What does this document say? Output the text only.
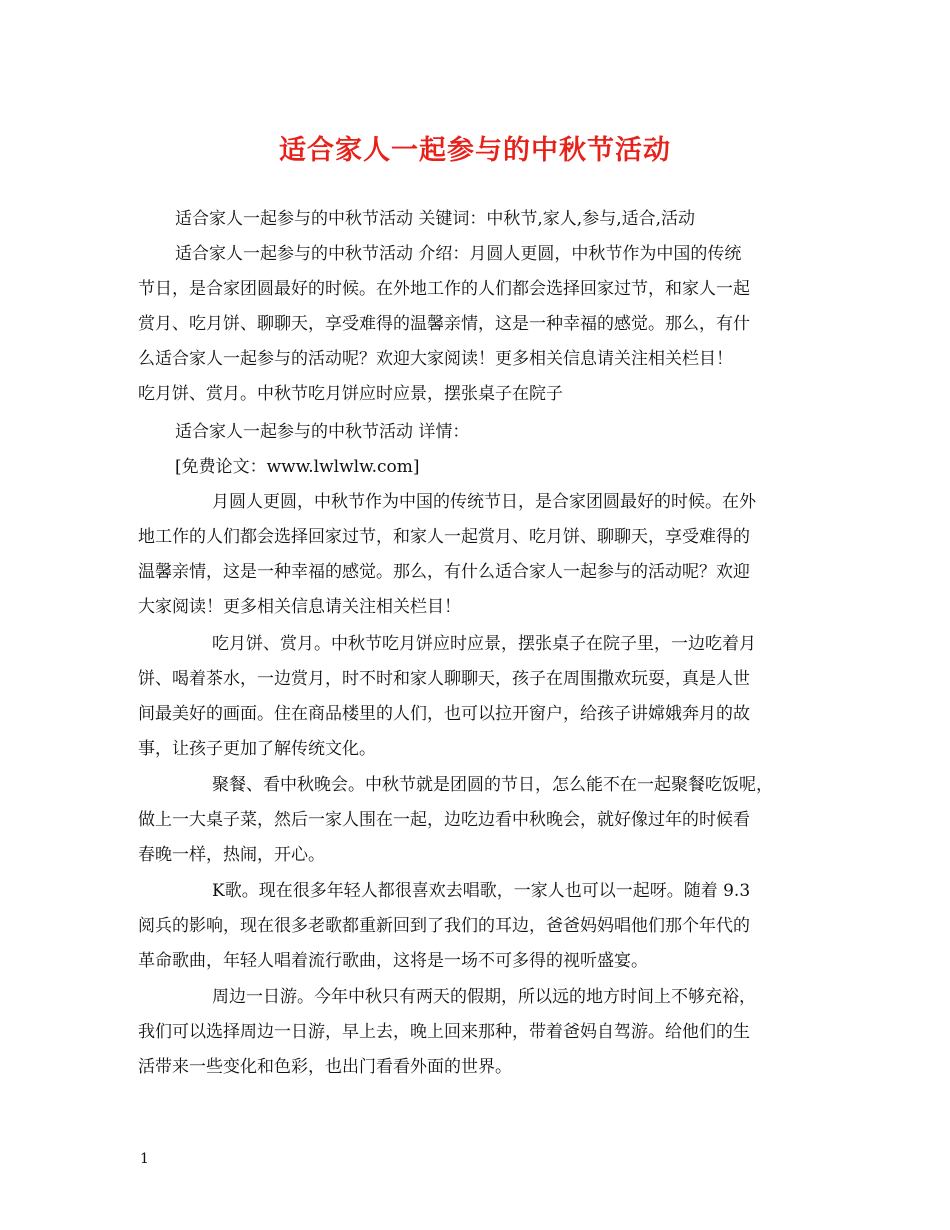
适合家人一起参与的中秋节活动
适合家人一起参与的中秋节活动 关键词：中秋节,家人,参与,适合,活动
适合家人一起参与的中秋节活动 介绍：月圆人更圆，中秋节作为中国的传统
节日，是合家团圆最好的时候。在外地工作的人们都会选择回家过节，和家人一起
赏月、吃月饼、聊聊天，享受难得的温馨亲情，这是一种幸福的感觉。那么，有什
么适合家人一起参与的活动呢？欢迎大家阅读！更多相关信息请关注相关栏目！
吃月饼、赏月。中秋节吃月饼应时应景，摆张桌子在院子
适合家人一起参与的中秋节活动 详情：
[免费论文：www.lwlwlw.com]
月圆人更圆，中秋节作为中国的传统节日，是合家团圆最好的时候。在外
地工作的人们都会选择回家过节，和家人一起赏月、吃月饼、聊聊天，享受难得的
温馨亲情，这是一种幸福的感觉。那么，有什么适合家人一起参与的活动呢？欢迎
大家阅读！更多相关信息请关注相关栏目！
吃月饼、赏月。中秋节吃月饼应时应景，摆张桌子在院子里，一边吃着月
饼、喝着茶水，一边赏月，时不时和家人聊聊天，孩子在周围撒欢玩耍，真是人世
间最美好的画面。住在商品楼里的人们，也可以拉开窗户，给孩子讲嫦娥奔月的故
事，让孩子更加了解传统文化。
聚餐、看中秋晚会。中秋节就是团圆的节日，怎么能不在一起聚餐吃饭呢，
做上一大桌子菜，然后一家人围在一起，边吃边看中秋晚会，就好像过年的时候看
春晚一样，热闹，开心。
K歌。现在很多年轻人都很喜欢去唱歌，一家人也可以一起呀。随着 9.3
阅兵的影响，现在很多老歌都重新回到了我们的耳边，爸爸妈妈唱他们那个年代的
革命歌曲，年轻人唱着流行歌曲，这将是一场不可多得的视听盛宴。
周边一日游。今年中秋只有两天的假期，所以远的地方时间上不够充裕，
我们可以选择周边一日游，早上去，晚上回来那种，带着爸妈自驾游。给他们的生
活带来一些变化和色彩，也出门看看外面的世界。
1
